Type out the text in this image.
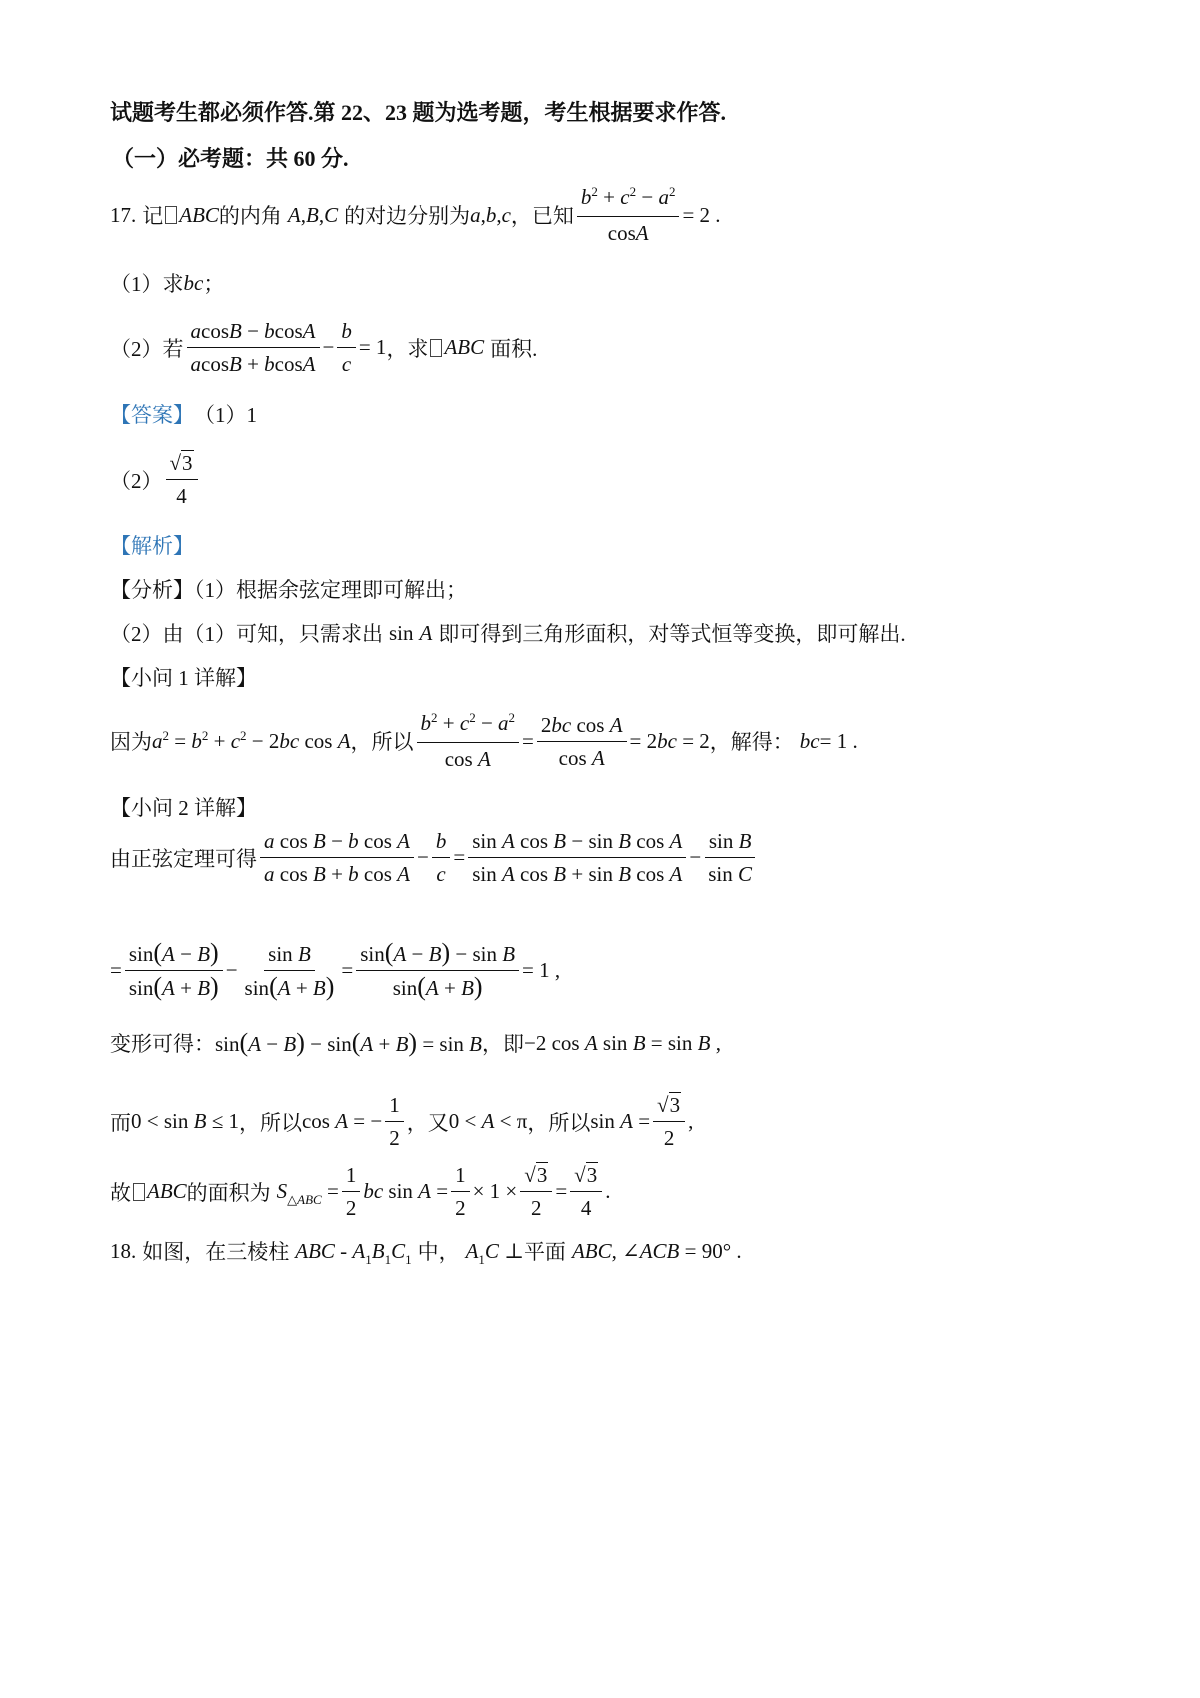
试题考生都必须作答.第 22、23 题为选考题，考生根据要求作答.
（一）必考题：共 60 分.
17. 记 ABC 的内角 A , B , C 的对边分别为 a , b , c ，已知 $\frac{b^2 + c^2 - a^2}{\cos A} = 2$ .
（1）求 bc ；
（2）若 $\frac{acosB - bcosA}{acosB + bcosA} - \frac{b}{c} = 1$ ，求 ABC 面积.
【答案】 （1）1
$(2) \frac{√3}{4}$
【解析】
【分析】（1）根据余弦定理即可解出；
（2）由（1）可知，只需求出 sin A 即可得到三角形面积，对等式恒等变换，即可解出.
【小问 1 详解】
因为 $a^2 = b^2 + c^2 - 2bc$ cos A ，所以 $\frac{b^2 + c^2 - a^2}{\text{cos A}} = \frac{\text{2bc cos A}}{\text{cos A}} = 2bc = 2$ ，解得： bc = 1 .
【小问 2 详解】
由正弦定理可得 $\frac{\text{a cos B − b cos A}}{\text{a cos B + b cos A}} - \frac{b}{c} = \frac{\text{sin A cos B − sin B cos A}}{\text{sin A cos B + sin B cos A}} - \frac{\text{sin B}}{\text{sin C}}$
= $\frac{\sin(A - B)}{\sin(A + B)} - \frac{\text{sin B}}{\sin(A + B)} = \frac{\text{sin(A − B) − sin B}}{\sin(A + B)} = 1$ ,
变形可得： sin(A − B) − sin(A + B) = sin B ，即 −2 cos A sin B = sin B ,
而 0 < sin B ≤ 1 ，所以 cos A = − $\frac{1}{2}$ ，又 0 < A < π ，所以 $\sin A = \frac{√3}{2}$ ,
故 ABC 的面积为 $S_{\triangle ABC} = \frac{1}{2}$ bc $\sin A = \frac{1}{2} \times 1 \times \frac{√3}{2} = \frac{√3}{4}$ .
18. 如图，在三棱柱 ABC - $A_1B_1C_1$ 中， $A_1C$ ⊥ 平面 ABC, ∠ACB = 90° .
